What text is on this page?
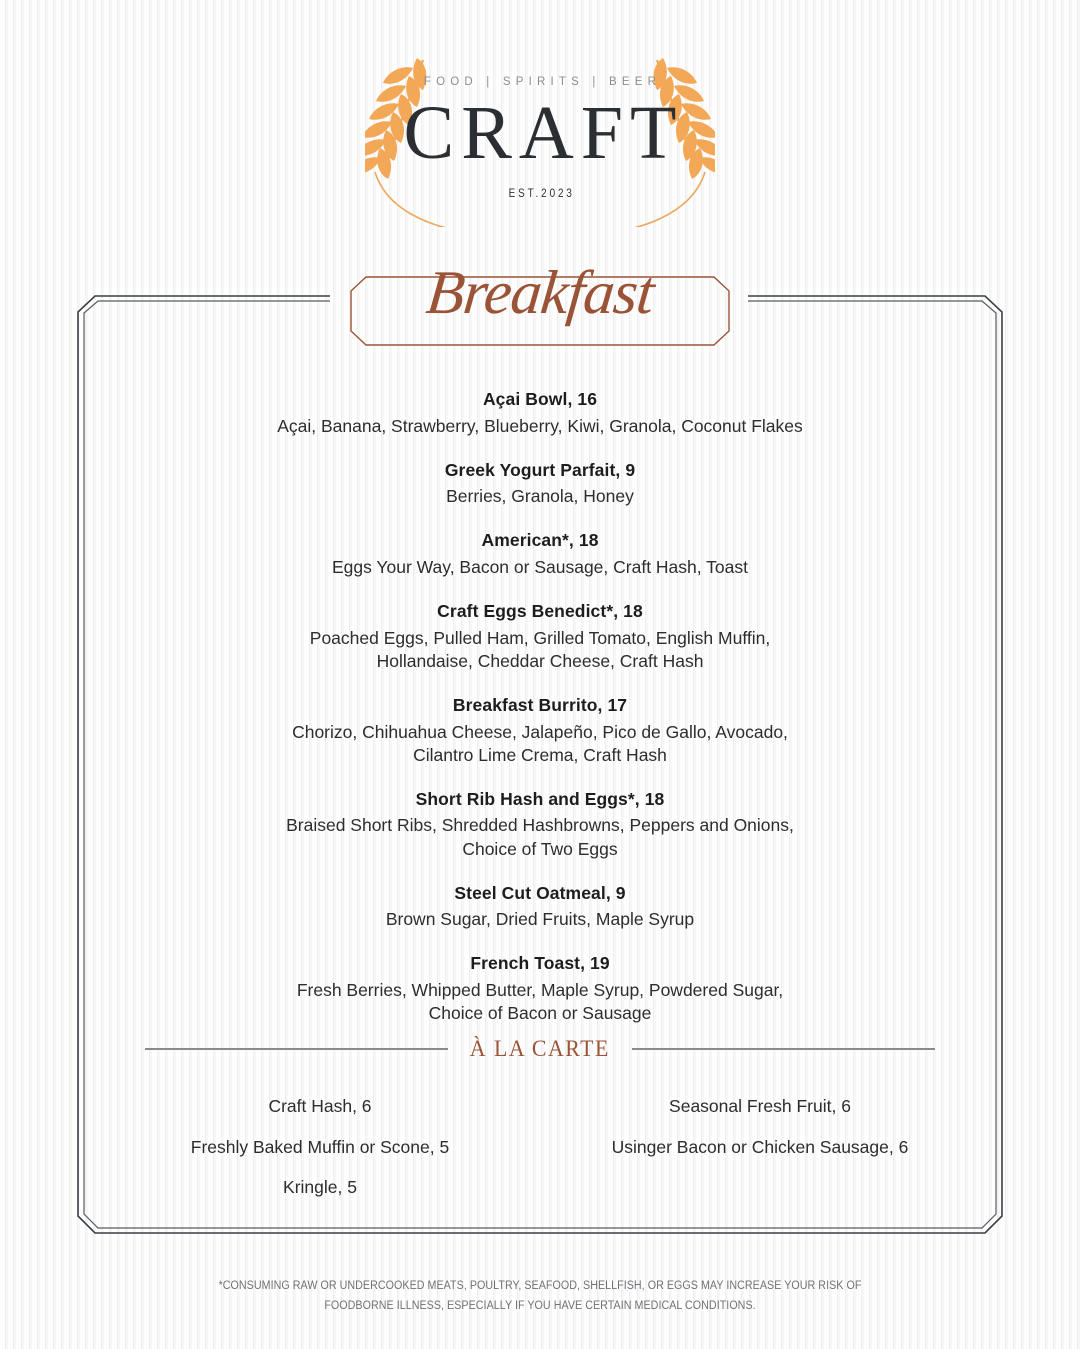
FOOD | SPIRITS | BEER
CRAFT
EST.2023
Breakfast
Açai Bowl, 16
Açai, Banana, Strawberry, Blueberry, Kiwi, Granola, Coconut Flakes
Greek Yogurt Parfait, 9
Berries, Granola, Honey
American*, 18
Eggs Your Way, Bacon or Sausage, Craft Hash, Toast
Craft Eggs Benedict*, 18
Poached Eggs, Pulled Ham, Grilled Tomato, English Muffin,
Hollandaise, Cheddar Cheese, Craft Hash
Breakfast Burrito, 17
Chorizo, Chihuahua Cheese, Jalapeño, Pico de Gallo, Avocado,
Cilantro Lime Crema, Craft Hash
Short Rib Hash and Eggs*, 18
Braised Short Ribs, Shredded Hashbrowns, Peppers and Onions,
Choice of Two Eggs
Steel Cut Oatmeal, 9
Brown Sugar, Dried Fruits, Maple Syrup
French Toast, 19
Fresh Berries, Whipped Butter, Maple Syrup, Powdered Sugar,
Choice of Bacon or Sausage
À LA CARTE
Craft Hash, 6
Freshly Baked Muffin or Scone, 5
Kringle, 5
Seasonal Fresh Fruit, 6
Usinger Bacon or Chicken Sausage, 6
*CONSUMING RAW OR UNDERCOOKED MEATS, POULTRY, SEAFOOD, SHELLFISH, OR EGGS MAY INCREASE YOUR RISK OF
FOODBORNE ILLNESS, ESPECIALLY IF YOU HAVE CERTAIN MEDICAL CONDITIONS.
